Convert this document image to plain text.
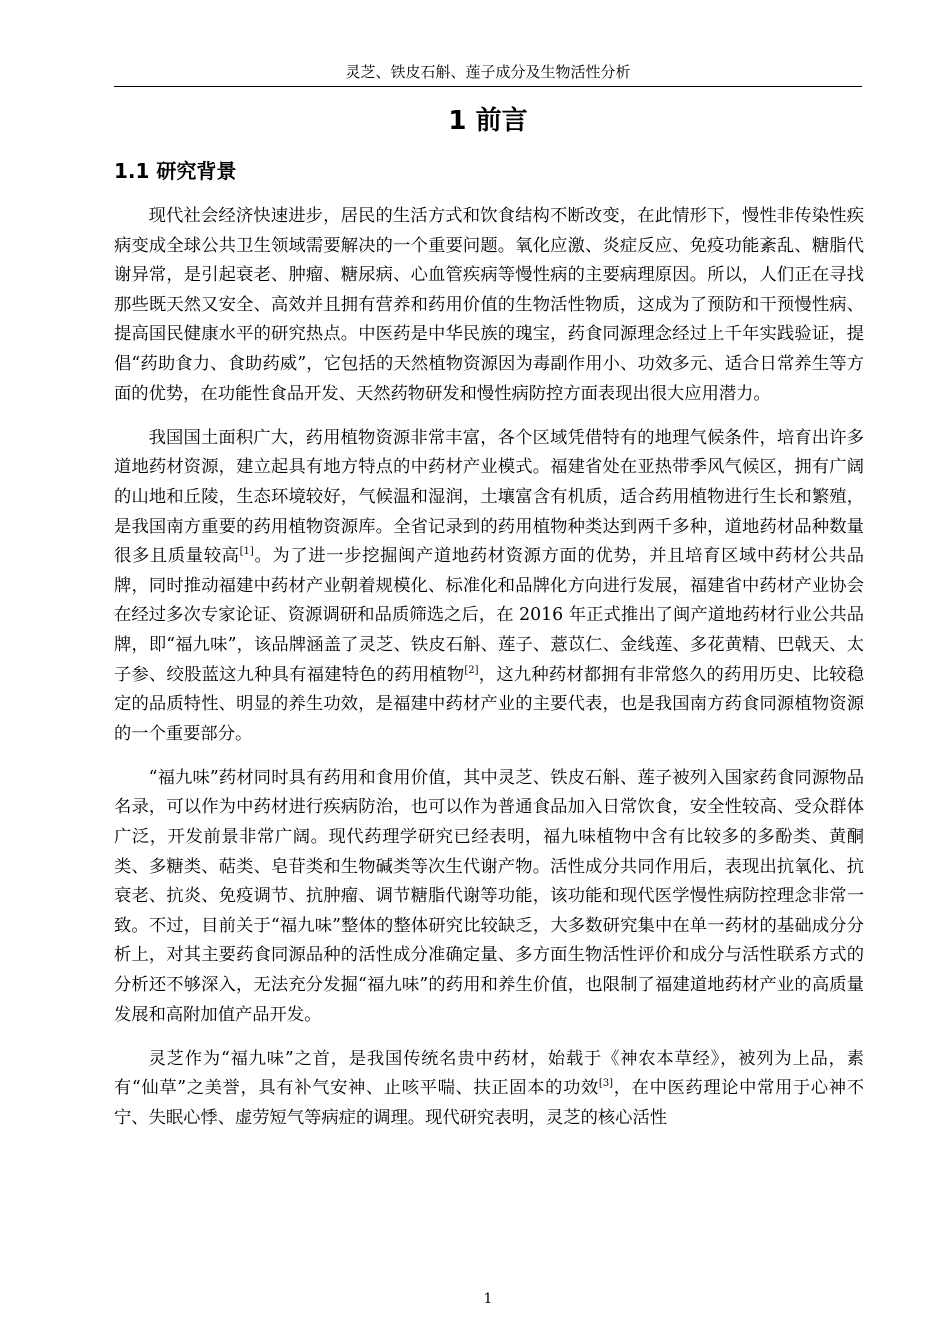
灵芝、铁皮石斛、莲子成分及生物活性分析
1 前言
1.1 研究背景

现代社会经济快速进步，居民的生活方式和饮食结构不断改变，在此情形下，慢性非传染性疾病变成全球公共卫生领域需要解决的一个重要问题。氧化应激、炎症反应、免疫功能紊乱、糖脂代谢异常，是引起衰老、肿瘤、糖尿病、心血管疾病等慢性病的主要病理原因。所以，人们正在寻找那些既天然又安全、高效并且拥有营养和药用价值的生物活性物质，这成为了预防和干预慢性病、提高国民健康水平的研究热点。中医药是中华民族的瑰宝，药食同源理念经过上千年实践验证，提倡“药助食力、食助药威”，它包括的天然植物资源因为毒副作用小、功效多元、适合日常养生等方面的优势，在功能性食品开发、天然药物研发和慢性病防控方面表现出很大应用潜力。

我国国土面积广大，药用植物资源非常丰富，各个区域凭借特有的地理气候条件，培育出许多道地药材资源，建立起具有地方特点的中药材产业模式。福建省处在亚热带季风气候区，拥有广阔的山地和丘陵，生态环境较好，气候温和湿润，土壤富含有机质，适合药用植物进行生长和繁殖，是我国南方重要的药用植物资源库。全省记录到的药用植物种类达到两千多种，道地药材品种数量很多且质量较高[1]。为了进一步挖掘闽产道地药材资源方面的优势，并且培育区域中药材公共品牌，同时推动福建中药材产业朝着规模化、标准化和品牌化方向进行发展，福建省中药材产业协会在经过多次专家论证、资源调研和品质筛选之后，在 2016 年正式推出了闽产道地药材行业公共品牌，即“福九味”，该品牌涵盖了灵芝、铁皮石斛、莲子、薏苡仁、金线莲、多花黄精、巴戟天、太子参、绞股蓝这九种具有福建特色的药用植物[2]，这九种药材都拥有非常悠久的药用历史、比较稳定的品质特性、明显的养生功效，是福建中药材产业的主要代表，也是我国南方药食同源植物资源的一个重要部分。

“福九味”药材同时具有药用和食用价值，其中灵芝、铁皮石斛、莲子被列入国家药食同源物品名录，可以作为中药材进行疾病防治，也可以作为普通食品加入日常饮食，安全性较高、受众群体广泛，开发前景非常广阔。现代药理学研究已经表明，福九味植物中含有比较多的多酚类、黄酮类、多糖类、萜类、皂苷类和生物碱类等次生代谢产物。活性成分共同作用后，表现出抗氧化、抗衰老、抗炎、免疫调节、抗肿瘤、调节糖脂代谢等功能，该功能和现代医学慢性病防控理念非常一致。不过，目前关于“福九味”整体的整体研究比较缺乏，大多数研究集中在单一药材的基础成分分析上，对其主要药食同源品种的活性成分准确定量、多方面生物活性评价和成分与活性联系方式的分析还不够深入，无法充分发掘“福九味”的药用和养生价值，也限制了福建道地药材产业的高质量发展和高附加值产品开发。

灵芝作为“福九味”之首，是我国传统名贵中药材，始载于《神农本草经》，被列为上品，素有“仙草”之美誉，具有补气安神、止咳平喘、扶正固本的功效[3]，在中医药理论中常用于心神不宁、失眠心悸、虚劳短气等病症的调理。现代研究表明，灵芝的核心活性

1
